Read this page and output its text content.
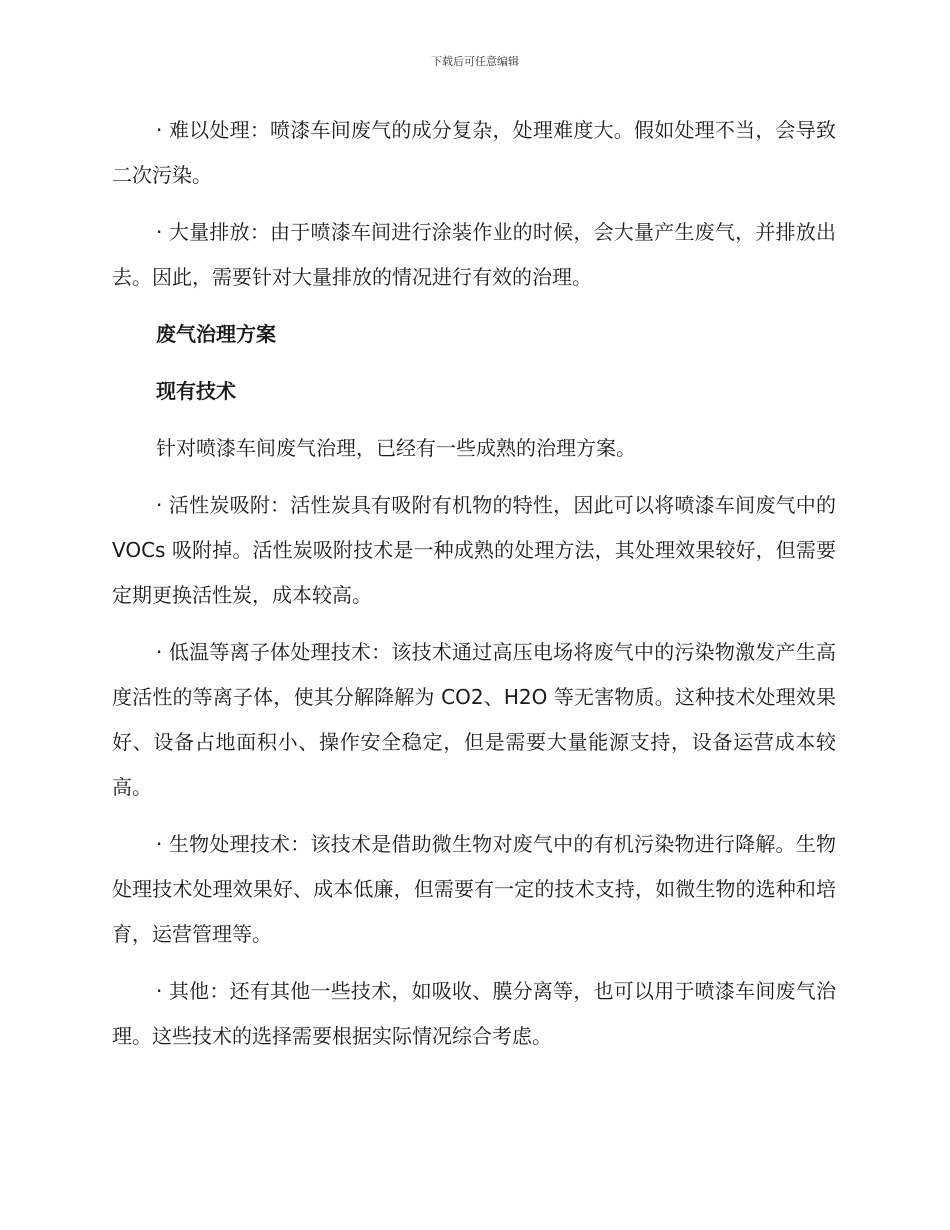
下载后可任意编辑

· 难以处理：喷漆车间废气的成分复杂，处理难度大。假如处理不当，会导致二次污染。

· 大量排放：由于喷漆车间进行涂装作业的时候，会大量产生废气，并排放出去。因此，需要针对大量排放的情况进行有效的治理。

废气治理方案

现有技术

针对喷漆车间废气治理，已经有一些成熟的治理方案。

· 活性炭吸附：活性炭具有吸附有机物的特性，因此可以将喷漆车间废气中的 VOCs 吸附掉。活性炭吸附技术是一种成熟的处理方法，其处理效果较好，但需要定期更换活性炭，成本较高。

· 低温等离子体处理技术：该技术通过高压电场将废气中的污染物激发产生高度活性的等离子体，使其分解降解为 CO2、H2O 等无害物质。这种技术处理效果好、设备占地面积小、操作安全稳定，但是需要大量能源支持，设备运营成本较高。

· 生物处理技术：该技术是借助微生物对废气中的有机污染物进行降解。生物处理技术处理效果好、成本低廉，但需要有一定的技术支持，如微生物的选种和培育，运营管理等。

· 其他：还有其他一些技术，如吸收、膜分离等，也可以用于喷漆车间废气治理。这些技术的选择需要根据实际情况综合考虑。
